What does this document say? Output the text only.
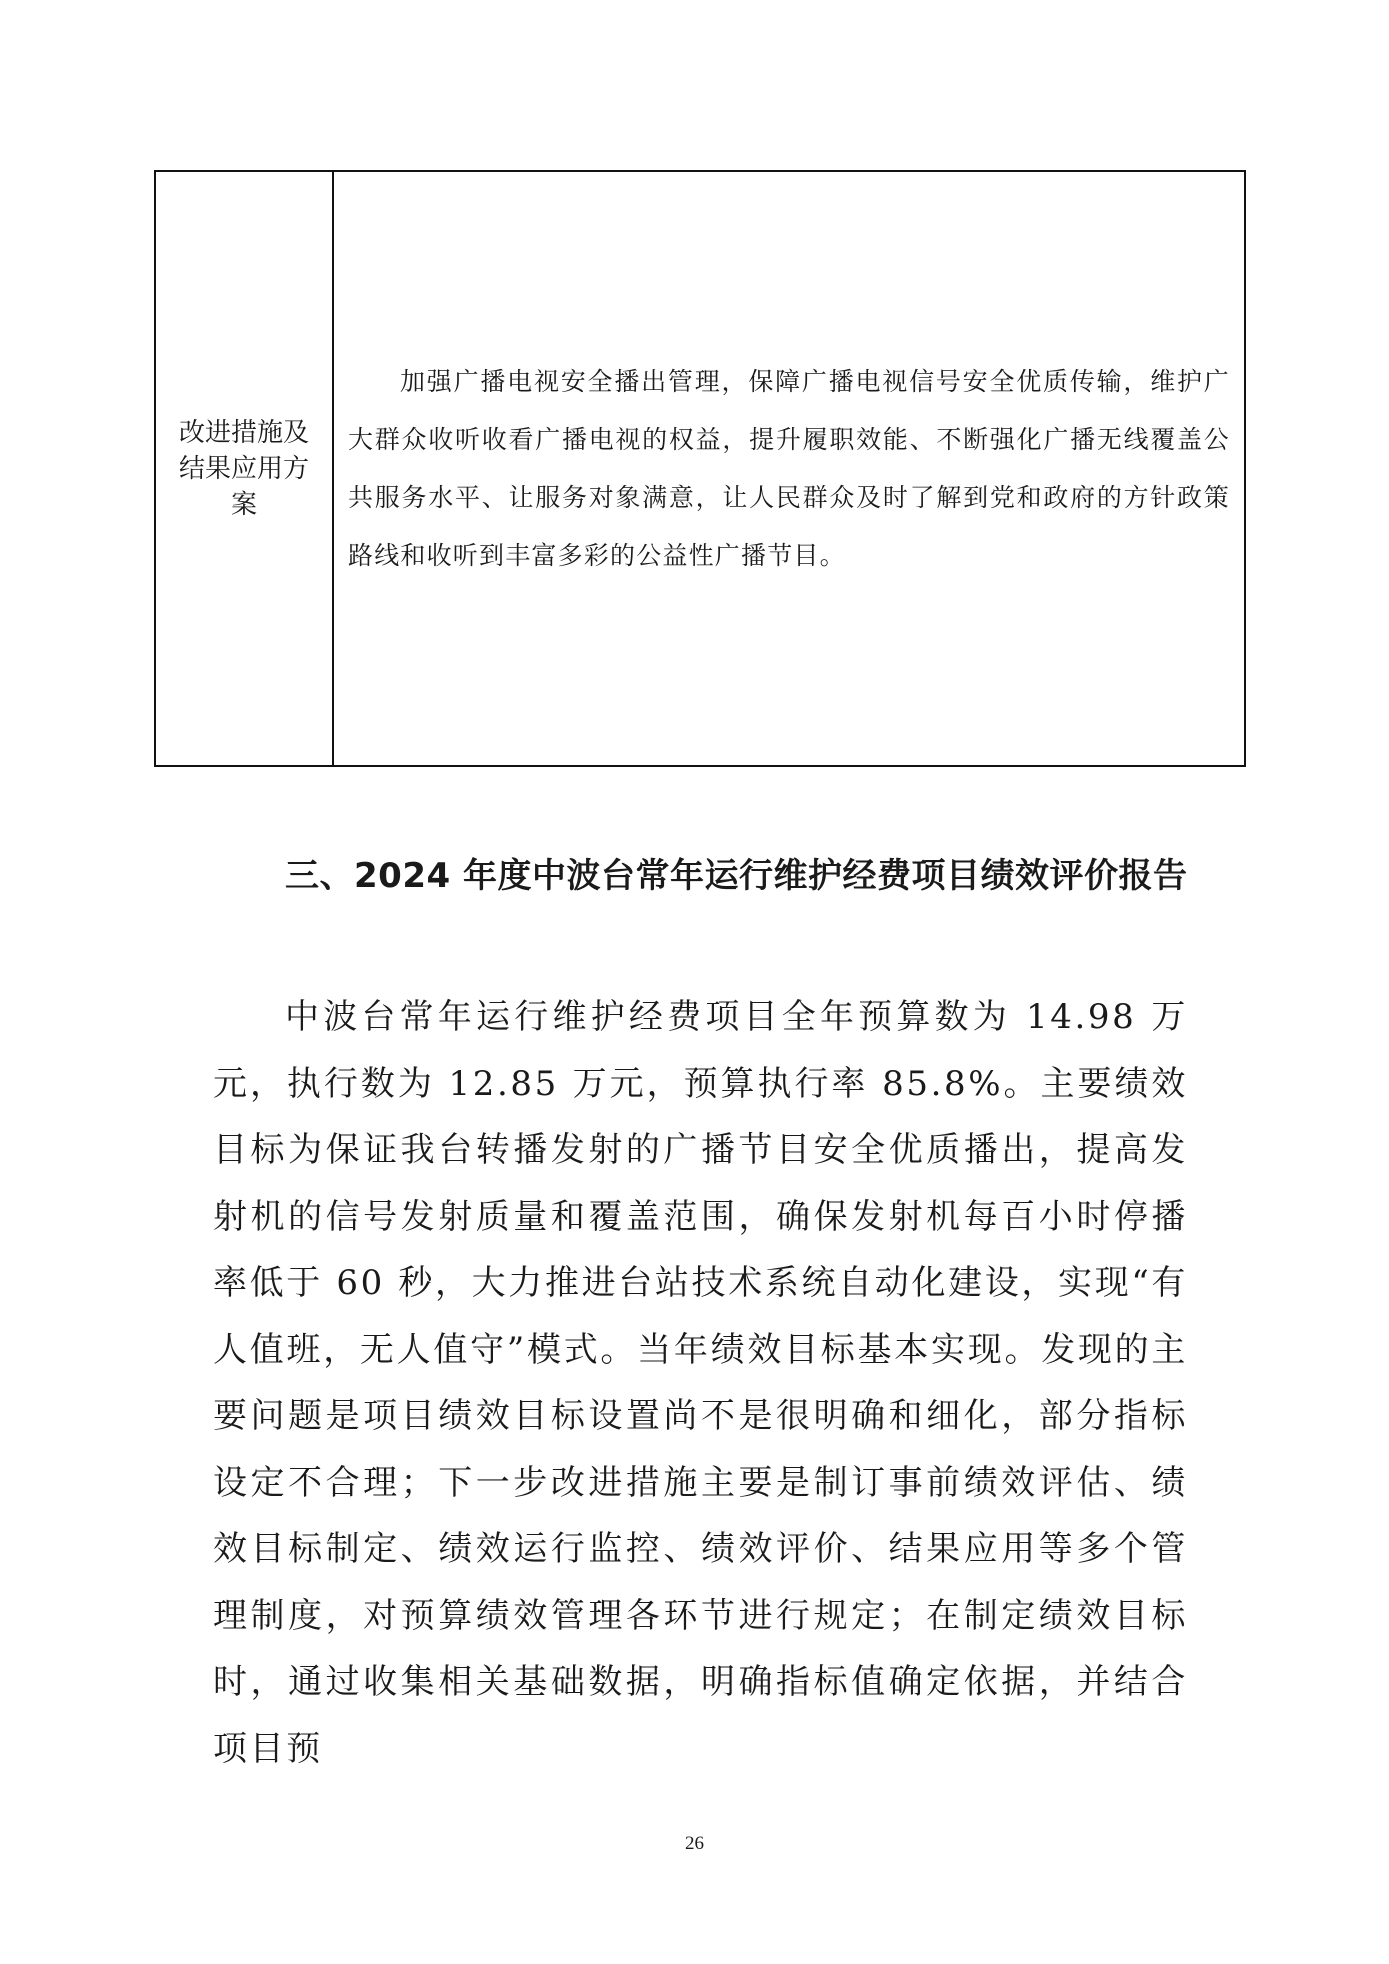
改进措施及结果应用方案

加强广播电视安全播出管理，保障广播电视信号安全优质传输，维护广大群众收听收看广播电视的权益，提升履职效能、不断强化广播无线覆盖公共服务水平、让服务对象满意，让人民群众及时了解到党和政府的方针政策路线和收听到丰富多彩的公益性广播节目。

三、2024 年度中波台常年运行维护经费项目绩效评价报告

中波台常年运行维护经费项目全年预算数为 14.98 万元，执行数为 12.85 万元，预算执行率 85.8%。主要绩效目标为保证我台转播发射的广播节目安全优质播出，提高发射机的信号发射质量和覆盖范围，确保发射机每百小时停播率低于 60 秒，大力推进台站技术系统自动化建设，实现“有人值班，无人值守”模式。当年绩效目标基本实现。发现的主要问题是项目绩效目标设置尚不是很明确和细化，部分指标设定不合理；下一步改进措施主要是制订事前绩效评估、绩效目标制定、绩效运行监控、绩效评价、结果应用等多个管理制度，对预算绩效管理各环节进行规定；在制定绩效目标时，通过收集相关基础数据，明确指标值确定依据，并结合项目预

26
